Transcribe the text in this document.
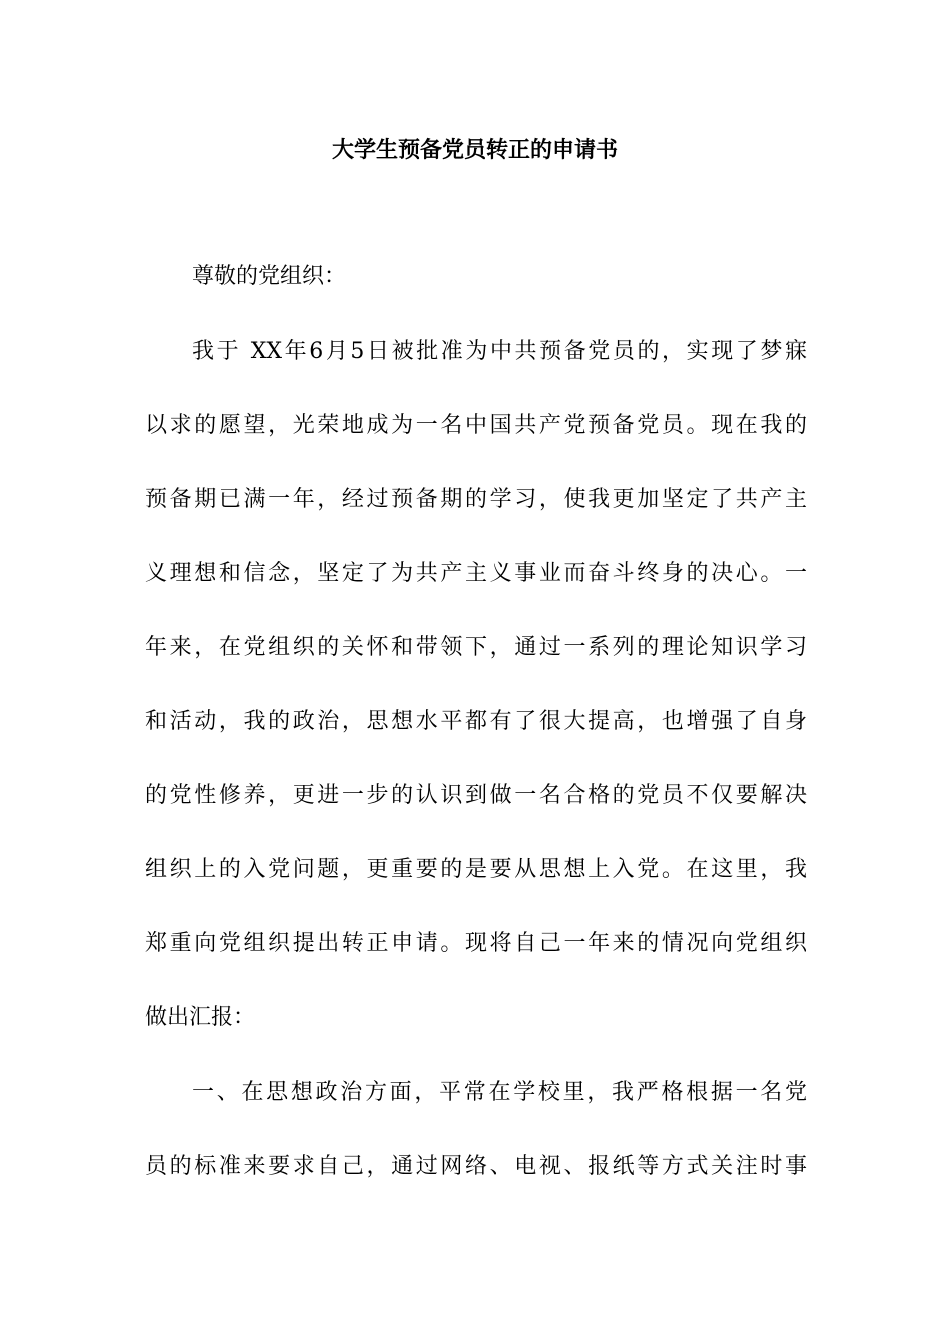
大学生预备党员转正的申请书
尊敬的党组织：
我于 XX年6月5日被批准为中共预备党员的，实现了梦寐
以求的愿望，光荣地成为一名中国共产党预备党员。现在我的
预备期已满一年，经过预备期的学习，使我更加坚定了共产主
义理想和信念，坚定了为共产主义事业而奋斗终身的决心。一
年来，在党组织的关怀和带领下，通过一系列的理论知识学习
和活动，我的政治，思想水平都有了很大提高，也增强了自身
的党性修养，更进一步的认识到做一名合格的党员不仅要解决
组织上的入党问题，更重要的是要从思想上入党。在这里，我
郑重向党组织提出转正申请。现将自己一年来的情况向党组织
做出汇报：
一、在思想政治方面，平常在学校里，我严格根据一名党
员的标准来要求自己，通过网络、电视、报纸等方式关注时事
